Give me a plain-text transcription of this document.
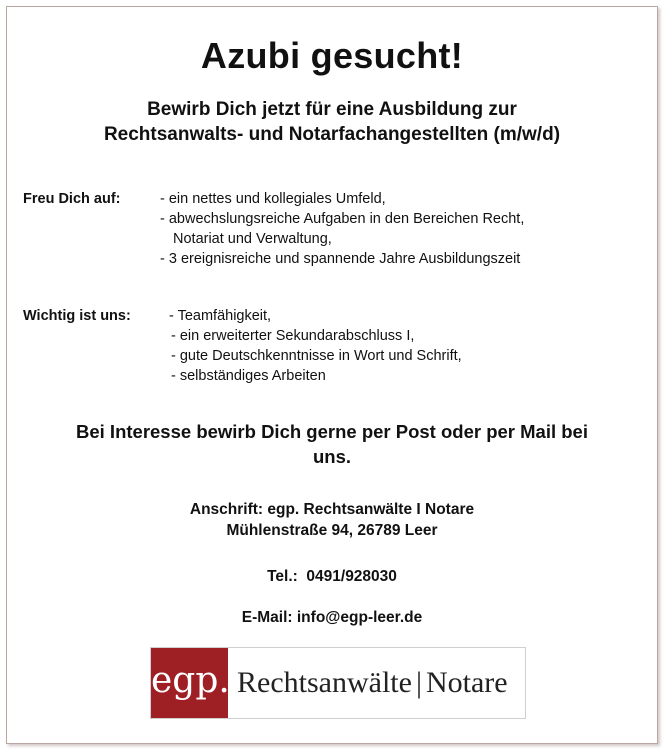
Azubi gesucht!
Bewirb Dich jetzt für eine Ausbildung zur
Rechtsanwalts- und Notarfachangestellten (m/w/d)
Freu Dich auf:	- ein nettes und kollegiales Umfeld,
- abwechslungsreiche Aufgaben in den Bereichen Recht,
Notariat und Verwaltung,
- 3 ereignisreiche und spannende Jahre Ausbildungszeit
Wichtig ist uns:	- Teamfähigkeit,
- ein erweiterter Sekundarabschluss I,
- gute Deutschkenntnisse in Wort und Schrift,
- selbständiges Arbeiten
Bei Interesse bewirb Dich gerne per Post oder per Mail bei
uns.
Anschrift: egp. Rechtsanwälte I Notare
Mühlenstraße 94, 26789 Leer
Tel.:  0491/928030
E-Mail: info@egp-leer.de
egp. Rechtsanwälte | Notare
